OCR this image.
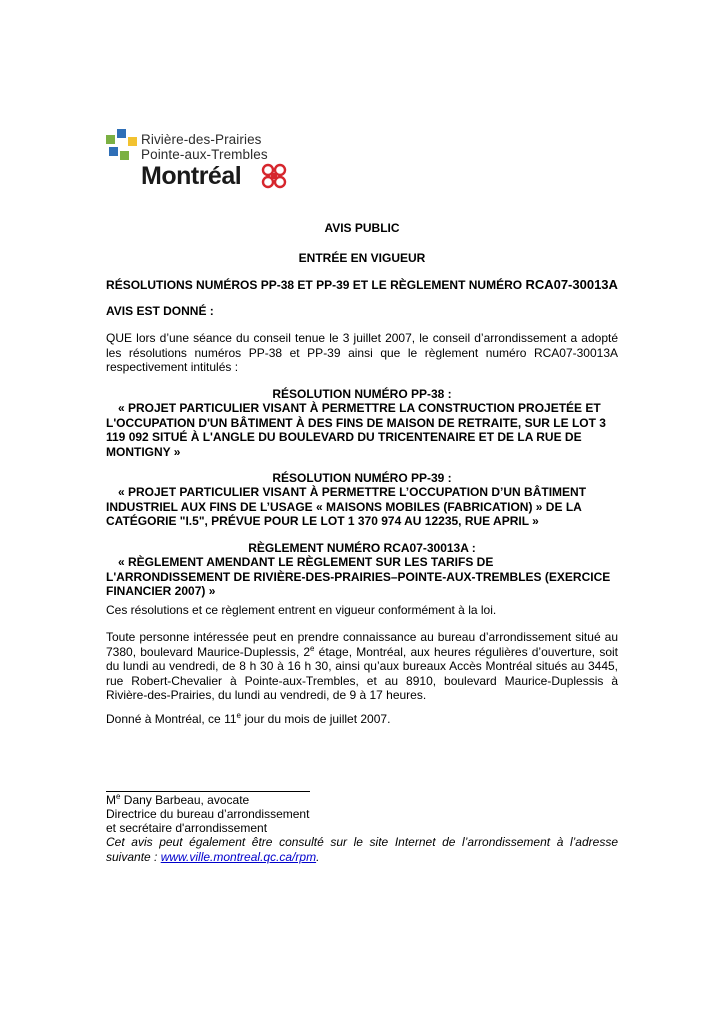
Rivière-des-Prairies
Pointe-aux-Trembles
Montréal
AVIS PUBLIC
ENTRÉE EN VIGUEUR
RÉSOLUTIONS NUMÉROS PP-38 ET PP-39 ET LE RÈGLEMENT NUMÉRO RCA07-30013A
AVIS EST DONNÉ :
QUE lors d’une séance du conseil tenue le 3 juillet 2007, le conseil d’arrondissement a adopté les résolutions numéros PP-38 et PP-39 ainsi que le règlement numéro RCA07-30013A respectivement intitulés :
RÉSOLUTION NUMÉRO PP-38 :
« PROJET PARTICULIER VISANT À PERMETTRE LA CONSTRUCTION PROJETÉE ET L'OCCUPATION D'UN BÂTIMENT À DES FINS DE MAISON DE RETRAITE, SUR LE LOT 3 119 092 SITUÉ À L'ANGLE DU BOULEVARD DU TRICENTENAIRE ET DE LA RUE DE MONTIGNY »
RÉSOLUTION NUMÉRO PP-39 :
« PROJET PARTICULIER VISANT À PERMETTRE L’OCCUPATION D’UN BÂTIMENT INDUSTRIEL AUX FINS DE L’USAGE « MAISONS MOBILES (FABRICATION) » DE LA CATÉGORIE "I.5", PRÉVUE POUR LE LOT 1 370 974 AU 12235, RUE APRIL »
RÈGLEMENT NUMÉRO RCA07-30013A :
« RÈGLEMENT AMENDANT LE RÈGLEMENT SUR LES TARIFS DE L'ARRONDISSEMENT DE RIVIÈRE-DES-PRAIRIES–POINTE-AUX-TREMBLES (EXERCICE FINANCIER 2007) »
Ces résolutions et ce règlement entrent en vigueur conformément à la loi.
Toute personne intéressée peut en prendre connaissance au bureau d’arrondissement situé au 7380, boulevard Maurice-Duplessis, 2e étage, Montréal, aux heures régulières d’ouverture, soit du lundi au vendredi, de 8 h 30 à 16 h 30, ainsi qu’aux bureaux Accès Montréal situés au 3445, rue Robert-Chevalier à Pointe-aux-Trembles, et au 8910, boulevard Maurice-Duplessis à Rivière-des-Prairies, du lundi au vendredi, de 9 à 17 heures.
Donné à Montréal, ce 11e jour du mois de juillet 2007.
Me Dany Barbeau, avocate
Directrice du bureau d’arrondissement
et secrétaire d'arrondissement
Cet avis peut également être consulté sur le site Internet de l’arrondissement à l’adresse suivante : www.ville.montreal.qc.ca/rpm.
